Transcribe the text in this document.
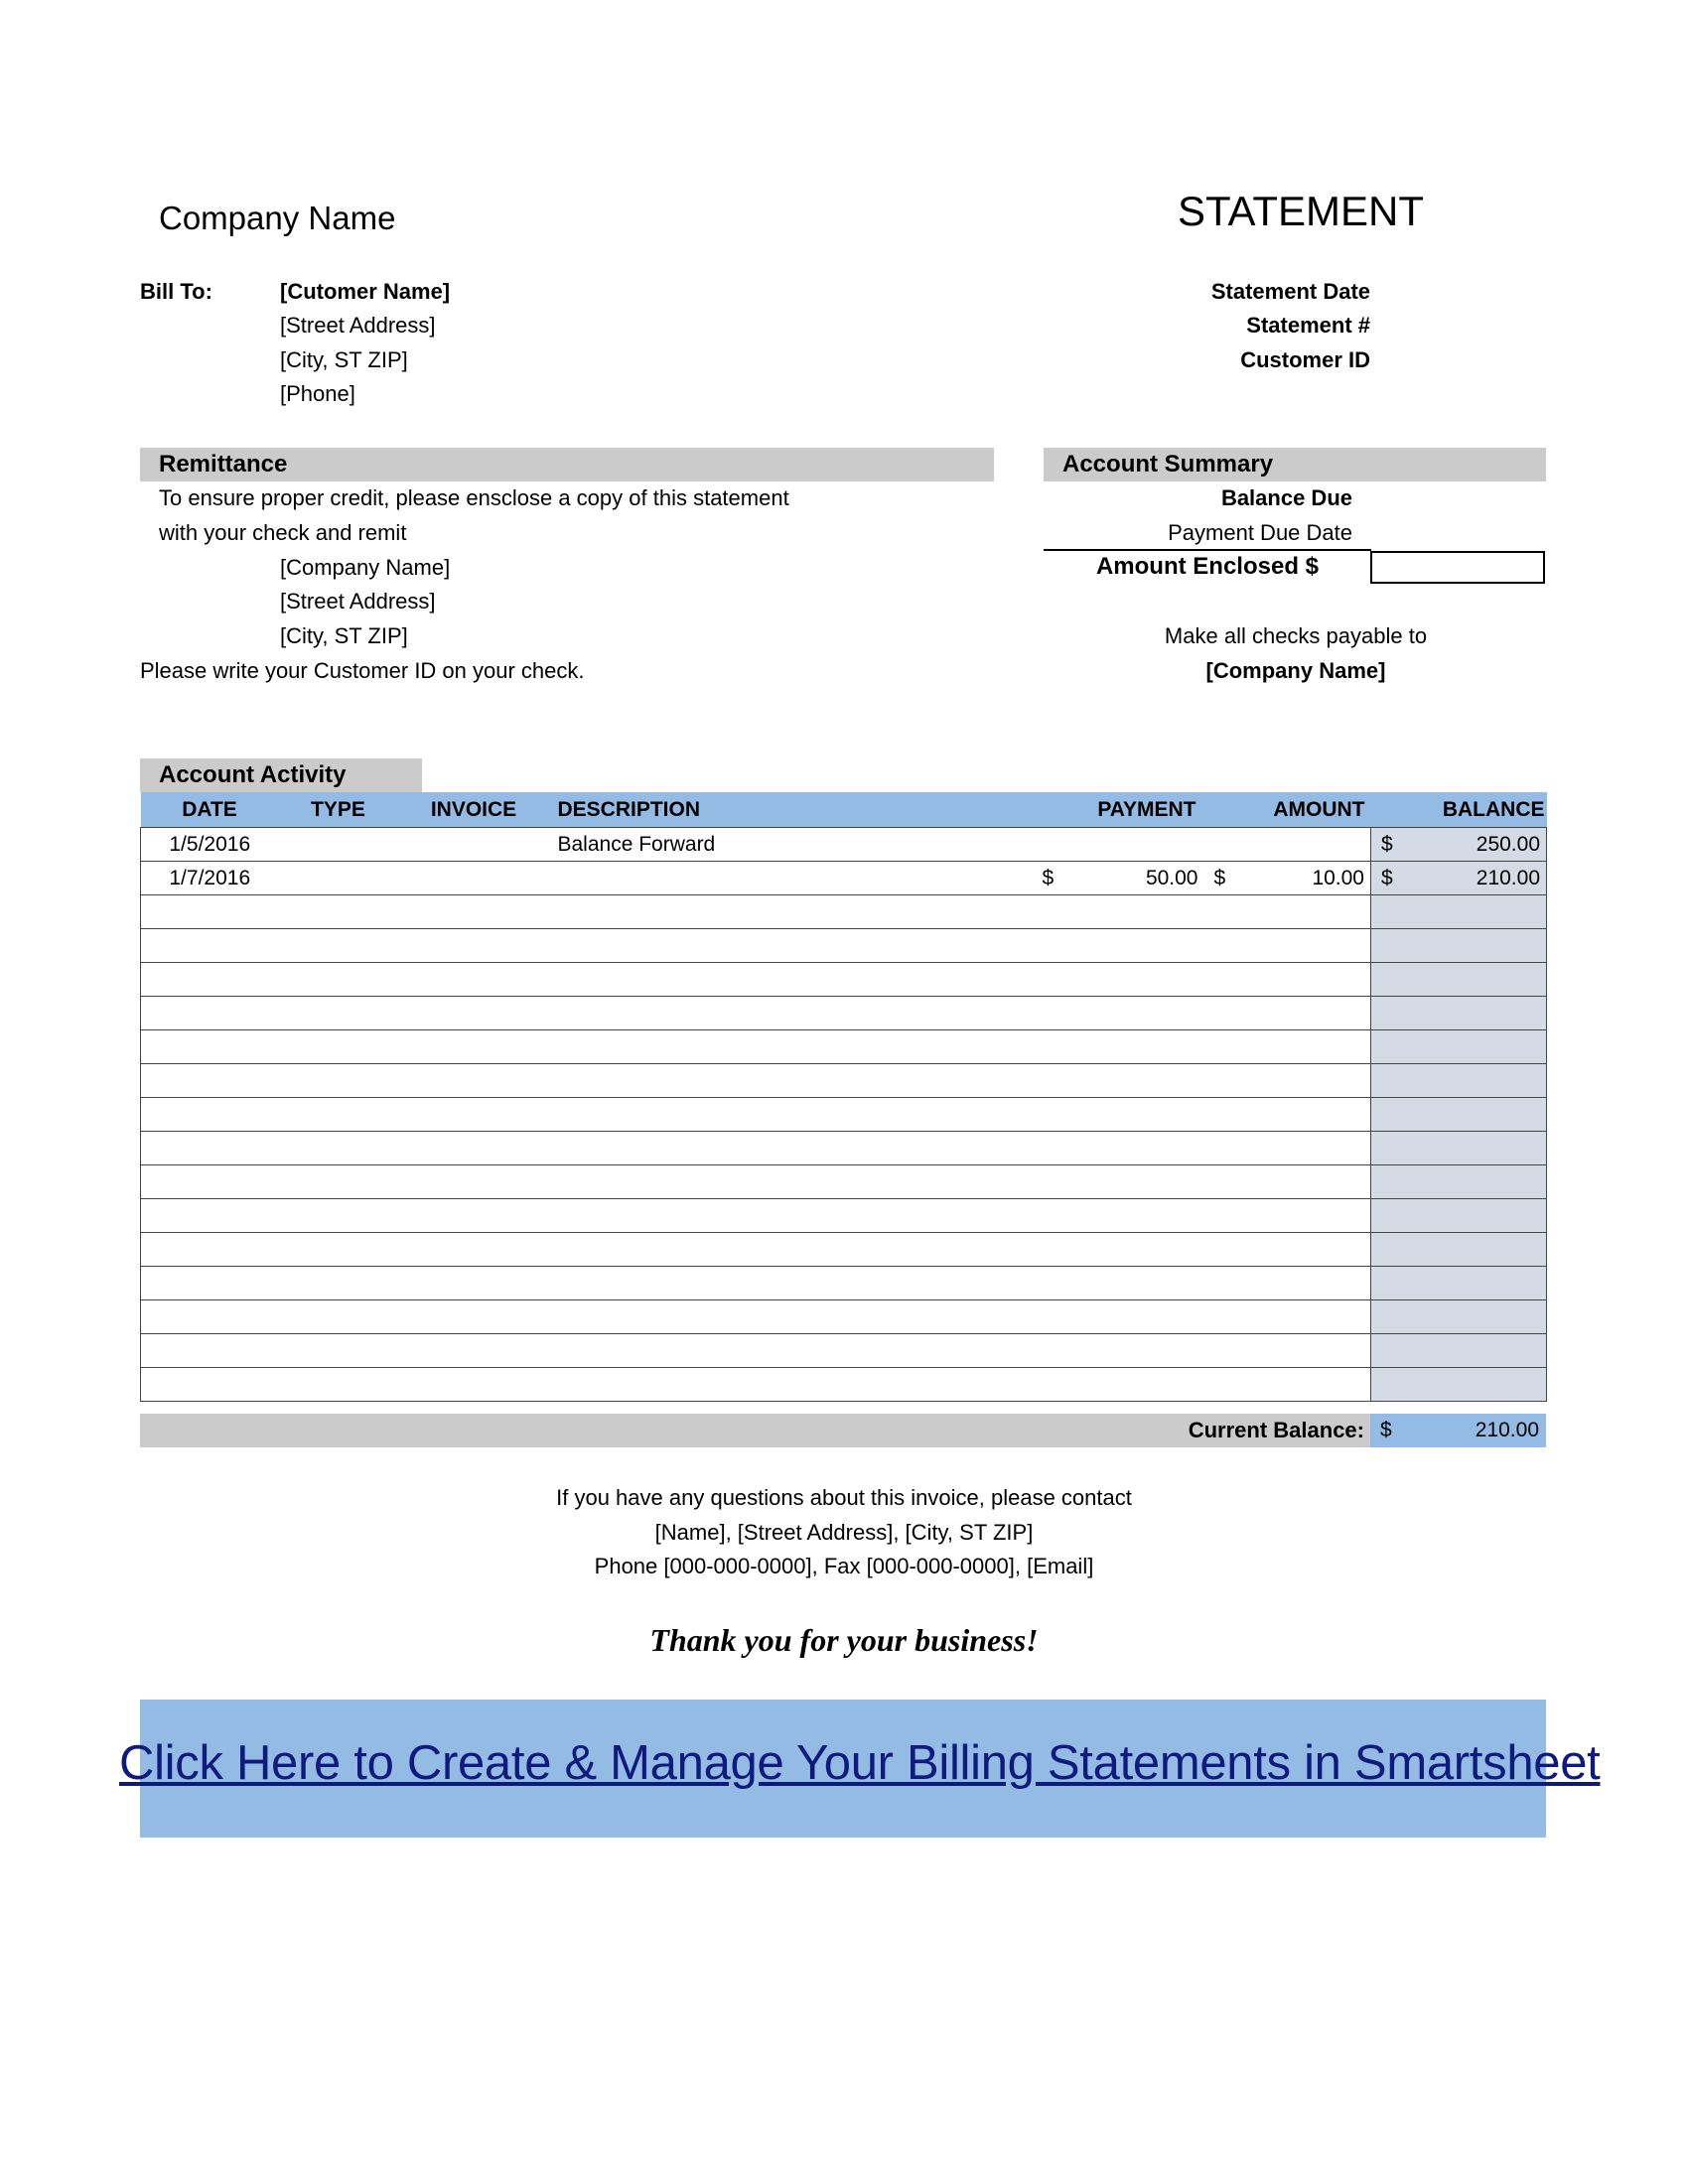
Company Name	STATEMENT
Bill To:	[Cutomer Name]
[Street Address]
[City, ST ZIP]
[Phone]
Statement Date
Statement #
Customer ID
Remittance
To ensure proper credit, please ensclose a copy of this statement
with your check and remit
[Company Name]
[Street Address]
[City, ST ZIP]
Please write your Customer ID on your check.
Account Summary
Balance Due
Payment Due Date
Amount Enclosed $
Make all checks payable to
[Company Name]
Account Activity
DATE	TYPE	INVOICE	DESCRIPTION	PAYMENT	AMOUNT	BALANCE
1/5/2016			Balance Forward			$ 250.00

1/7/2016				$ 50.00	$ 10.00	$ 210.00

Current Balance: $	210.00
If you have any questions about this invoice, please contact
[Name], [Street Address], [City, ST ZIP]
Phone [000-000-0000], Fax [000-000-0000], [Email]
Thank you for your business!
Click Here to Create & Manage Your Billing Statements in Smartsheet
